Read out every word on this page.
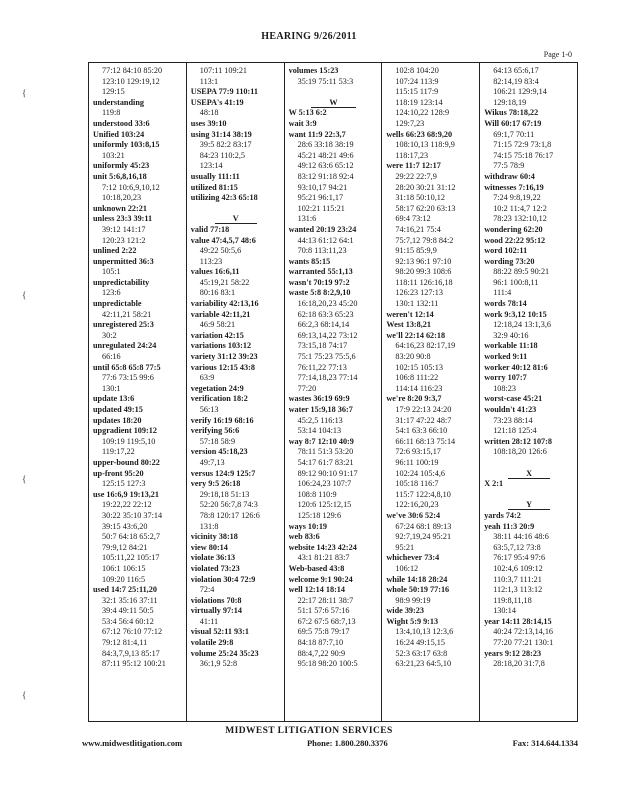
HEARING 9/26/2011
Page 1-0
{
{
{
{
77:12 84:10 85:20
123:10 129:19,12
129:15
understanding
119:8
understood 33:6
Unified 103:24
uniformly 103:8,15
103:21
uniformly 45:23
unit 5:6,8,16,18
7:12 10:6,9,10,12
10:18,20,23
unknown 22:21
unless 23:3 39:11
39:12 141:17
120:23 121:2
unlined 2:22
unpermitted 36:3
105:1
unpredictability
123:6
unpredictable
42:11,21 58:21
unregistered 25:3
30:2
unregulated 24:24
66:16
until 65:8 65:8 77:5
77:6 73:15 99:6
130:1
update 13:6
updated 49:15
updates 18:20
upgradient 109:12
109:19 119:5,10
119:17,22
upper-bound 80:22
up-front 95:20
125:15 127:3
use 16:6,9 19:13,21
19:22,22 22:12
30:22 35:10 37:14
39:15 43:6,20
50:7 64:18 65:2,7
79:9,12 84:21
105:11,22 105:17
106:1 106:15
109:20 116:5
used 14:7 25:11,20
32:1 35:16 37:11
39:4 49:11 50:5
53:4 56:4 60:12
67:12 76:10 77:12
79:12 81:4,11
84:3,7,9,13 85:17
87:11 95:12 100:21
107:11 109:21
113:1
USEPA 77:9 110:11
USEPA's 41:19
48:18
uses 39:10
using 31:14 38:19
39:5 82:2 83:17
84:23 110:2,5
123:14
usually 111:11
utilized 81:15
utilizing 42:3 65:18
V
valid 77:18
value 47:4,5,7 48:6
49:22 50:5,6
113:23
values 16:6,11
45:19,21 58:22
80:16 83:1
variability 42:13,16
variable 42:11,21
46:9 58:21
variation 42:15
variations 103:12
variety 31:12 39:23
various 12:15 43:8
63:9
vegetation 24:9
verification 18:2
56:13
verify 16:19 68:16
verifying 56:6
57:18 58:9
version 45:18,23
49:7,13
versus 124:9 125:7
very 9:5 26:18
29:18,18 51:13
52:20 56:7,8 74:3
78:8 120:17 126:6
131:8
vicinity 38:18
view 80:14
violate 36:13
violated 73:23
violation 30:4 72:9
72:4
violations 70:8
virtually 97:14
41:11
visual 52:11 93:1
volatile 29:8
volume 25:24 35:23
36:1,9 52:8
volumes 15:23
35:19 75:11 53:3
W
W 5:13 6:2
wait 3:9
want 11:9 22:3,7
28:6 33:18 38:19
45:21 48:21 49:6
49:12 63:6 65:12
83:12 91:18 92:4
93:10,17 94:21
95:21 96:1,17
102:21 115:21
131:6
wanted 20:19 23:24
44:13 61:12 64:1
70:8 113:11,23
wants 85:15
warranted 55:1,13
wasn't 70:19 97:2
waste 5:8 8:2,9,10
16:18,20,23 45:20
62:18 63:3 65:23
66:2,3 68:14,14
69:13,14,22 73:12
73:15,18 74:17
75:1 75:23 75:5,6
76:11,22 77:13
77:14,18,23 77:14
77:20
wastes 36:19 69:9
water 15:9,18 36:7
45:2,5 116:13
53:14 104:13
way 8:7 12:10 40:9
78:11 51:3 53:20
54:17 61:7 83:21
89:12 90:10 91:17
106:24,23 107:7
108:8 110:9
120:6 125:12,15
125:18 129:6
ways 10:19
web 83:6
website 14:23 42:24
43:1 81:21 83:7
Web-based 43:8
welcome 9:1 90:24
well 12:14 18:14
22:17 28:11 38:7
51:1 57:6 57:16
67:2 67:5 68:7,13
69:5 75:8 79:17
84:18 87:7,10
88:4,7,22 90:9
95:18 98:20 100:5
102:8 104:20
107:24 113:9
115:15 117:9
118:19 123:14
124:10,22 128:9
129:7,23
wells 66:23 68:9,20
108:10,13 118:9,9
118:17,23
were 11:7 12:17
29:22 22:7,9
28:20 30:21 31:12
31:18 50:10,12
58:17 62:20 63:13
69:4 73:12
74:16,21 75:4
75:7,12 79:8 84:2
91:15 85:9,9
92:13 96:1 97:10
98:20 99:3 108:6
118:11 126:16,18
126:23 127:13
130:1 132:11
weren't 12:14
West 13:8,21
we'll 22:14 62:18
64:16,23 82:17,19
83:20 90:8
102:15 105:13
106:8 111:22
114:14 116:23
we're 8:20 9:3,7
17:9 22:13 24:20
31:17 47:22 48:7
54:1 63:3 66:10
66:11 68:13 75:14
72:6 93:15,17
96:11 100:19
102:24 105:4,6
105:18 116:7
115:7 122:4,8,10
122:16,20,23
we've 30:6 52:4
67:24 68:1 89:13
92:7,19,24 95:21
95:21
whichever 73:4
106:12
while 14:18 28:24
whole 50:19 77:16
98:9 99:19
wide 39:23
Wight 5:9 9:13
13:4,10,13 12:3,6
16:24 49:15,15
52:3 63:17 63:8
63:21,23 64:5,10
64:13 65:6,17
82:14,19 83:4
106:21 129:9,14
129:18,19
Wikus 78:18,22
Will 60:17 67:19
69:1,7 70:11
71:15 72:9 73:1,8
74:15 75:18 76:17
77:5 78:9
withdraw 60:4
witnesses 7:16,19
7:24 9:8,19,22
10:2 11:4,7 12:2
78:23 132:10,12
wondering 62:20
wood 22:22 95:12
word 102:11
wording 73:20
88:22 89:5 90:21
96:1 100:8,11
111:4
words 78:14
work 9:3,12 10:15
12:18,24 13:1,3,6
32:9 40:16
workable 11:18
worked 9:11
worker 40:12 81:6
worry 107:7
108:23
worst-case 45:21
wouldn't 41:23
73:23 88:14
121:18 125:4
written 28:12 107:8
108:18,20 126:6
X
X 2:1
Y
yards 74:2
yeah 11:3 20:9
38:11 44:16 48:6
63:5,7,12 73:8
76:17 95:4 97:6
102:4,6 109:12
110:3,7 111:21
112:1,3 113:12
119:8,11,18
130:14
year 14:11 28:14,15
40:24 72:13,14,16
77:20 77:21 130:1
years 9:12 28:23
28:18,20 31:7,8
MIDWEST LITIGATION SERVICES
www.midwestlitigation.com	Phone: 1.800.280.3376	Fax: 314.644.1334
